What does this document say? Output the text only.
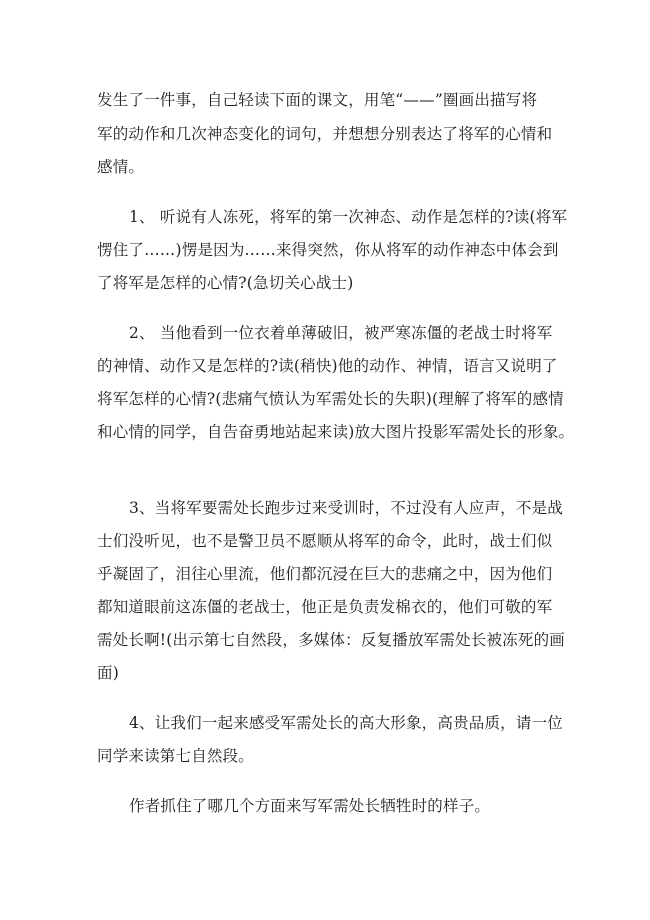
发生了一件事，自己轻读下面的课文，用笔“——”圈画出描写将
军的动作和几次神态变化的词句，并想想分别表达了将军的心情和
感情。
1、 听说有人冻死，将军的第一次神态、动作是怎样的?读(将军
愣住了……)愣是因为……来得突然，你从将军的动作神态中体会到
了将军是怎样的心情?(急切关心战士)
2、 当他看到一位衣着单薄破旧，被严寒冻僵的老战士时将军
的神情、动作又是怎样的?读(稍快)他的动作、神情，语言又说明了
将军怎样的心情?(悲痛气愤认为军需处长的失职)(理解了将军的感情
和心情的同学，自告奋勇地站起来读)放大图片投影军需处长的形象。
3、当将军要需处长跑步过来受训时，不过没有人应声，不是战
士们没听见，也不是警卫员不愿顺从将军的命令，此时，战士们似
乎凝固了，泪往心里流，他们都沉浸在巨大的悲痛之中，因为他们
都知道眼前这冻僵的老战士，他正是负责发棉衣的，他们可敬的军
需处长啊!(出示第七自然段，多媒体：反复播放军需处长被冻死的画
面)
4、让我们一起来感受军需处长的高大形象，高贵品质，请一位
同学来读第七自然段。
作者抓住了哪几个方面来写军需处长牺牲时的样子。
